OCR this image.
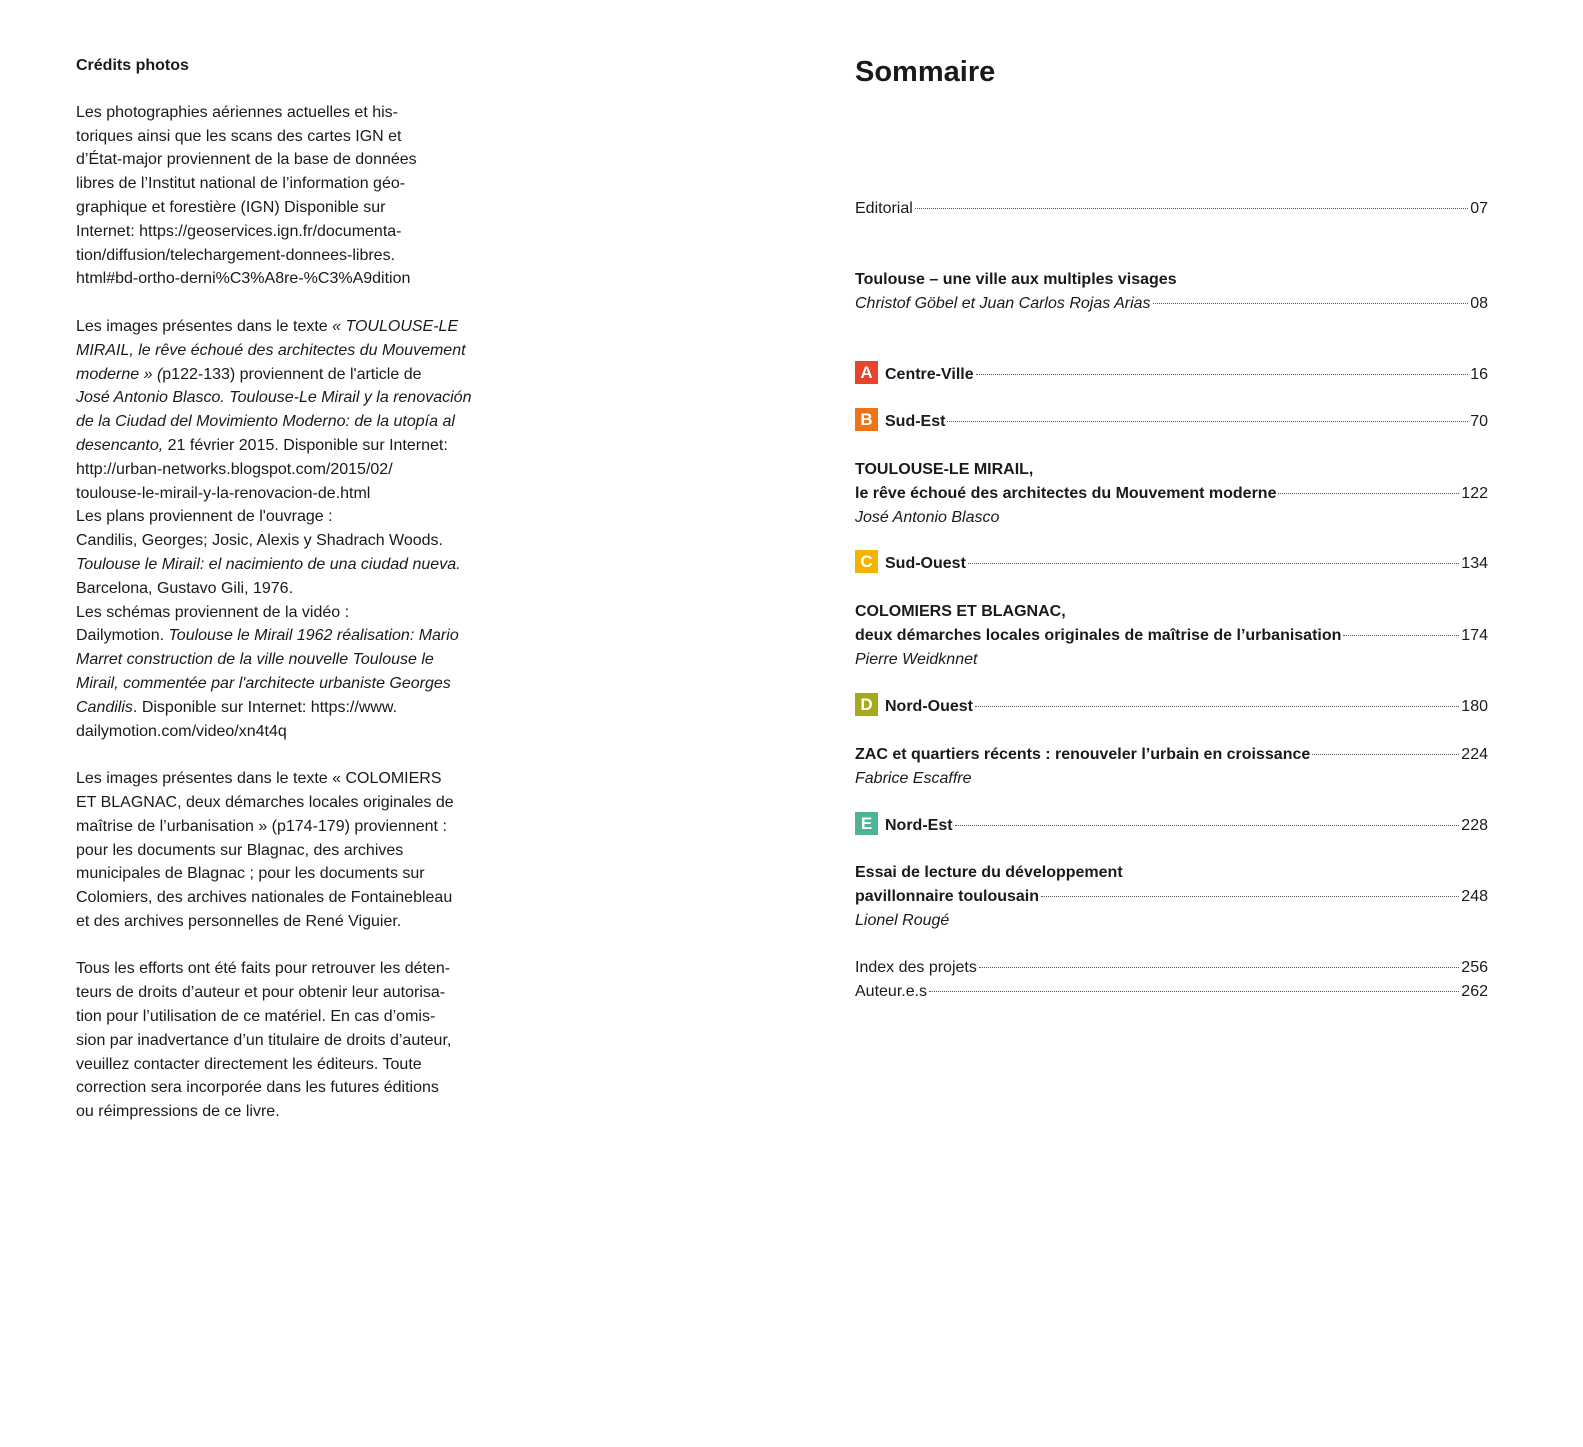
Crédits photos

Les photographies aériennes actuelles et his-
toriques ainsi que les scans des cartes IGN et
d’État-major proviennent de la base de données
libres de l’Institut national de l’information géo-
graphique et forestière (IGN) Disponible sur
Internet: https://geoservices.ign.fr/documenta-
tion/diffusion/telechargement-donnees-libres.
html#bd-ortho-derni%C3%A8re-%C3%A9dition

Les images présentes dans le texte « TOULOUSE-LE
MIRAIL, le rêve échoué des architectes du Mouvement
moderne » (p122-133) proviennent de l'article de
José Antonio Blasco. Toulouse-Le Mirail y la renovación
de la Ciudad del Movimiento Moderno: de la utopía al
desencanto, 21 février 2015. Disponible sur Internet:
http://urban-networks.blogspot.com/2015/02/
toulouse-le-mirail-y-la-renovacion-de.html
Les plans proviennent de l'ouvrage :
Candilis, Georges; Josic, Alexis y Shadrach Woods.
Toulouse le Mirail: el nacimiento de una ciudad nueva.
Barcelona, Gustavo Gili, 1976.
Les schémas proviennent de la vidéo :
Dailymotion. Toulouse le Mirail 1962 réalisation: Mario
Marret construction de la ville nouvelle Toulouse le
Mirail, commentée par l'architecte urbaniste Georges
Candilis. Disponible sur Internet: https://www.
dailymotion.com/video/xn4t4q

Les images présentes dans le texte « COLOMIERS
ET BLAGNAC, deux démarches locales originales de
maîtrise de l’urbanisation » (p174-179) proviennent :
pour les documents sur Blagnac, des archives
municipales de Blagnac ; pour les documents sur
Colomiers, des archives nationales de Fontainebleau
et des archives personnelles de René Viguier.

Tous les efforts ont été faits pour retrouver les déten-
teurs de droits d’auteur et pour obtenir leur autorisa-
tion pour l’utilisation de ce matériel. En cas d’omis-
sion par inadvertance d’un titulaire de droits d’auteur,
veuillez contacter directement les éditeurs. Toute
correction sera incorporée dans les futures éditions
ou réimpressions de ce livre.

Sommaire
Editorial	07
Toulouse – une ville aux multiples visages
Christof Göbel et Juan Carlos Rojas Arias	08
A Centre-Ville	16
B Sud-Est	70
TOULOUSE-LE MIRAIL,
le rêve échoué des architectes du Mouvement moderne	122
José Antonio Blasco
C Sud-Ouest	134
COLOMIERS ET BLAGNAC,
deux démarches locales originales de maîtrise de l’urbanisation	174
Pierre Weidknnet
D Nord-Ouest	180
ZAC et quartiers récents : renouveler l’urbain en croissance	224
Fabrice Escaffre
E Nord-Est	228
Essai de lecture du développement
pavillonnaire toulousain	248
Lionel Rougé
Index des projets	256
Auteur.e.s	262
